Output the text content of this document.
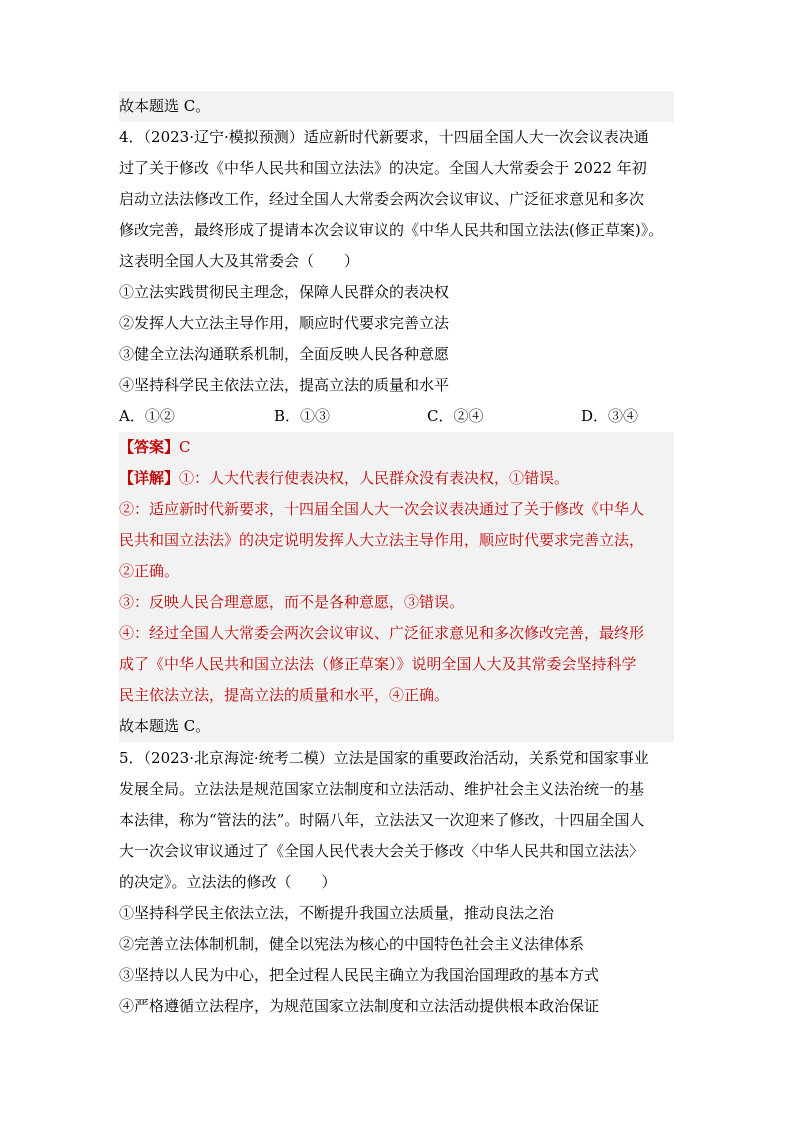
故本题选 C。
4．（2023·辽宁·模拟预测）适应新时代新要求，十四届全国人大一次会议表决通
过了关于修改《中华人民共和国立法法》的决定。全国人大常委会于 2022 年初
启动立法法修改工作，经过全国人大常委会两次会议审议、广泛征求意见和多次
修改完善，最终形成了提请本次会议审议的《中华人民共和国立法法(修正草案)》。
这表明全国人大及其常委会（　　）
①立法实践贯彻民主理念，保障人民群众的表决权
②发挥人大立法主导作用，顺应时代要求完善立法
③健全立法沟通联系机制，全面反映人民各种意愿
④坚持科学民主依法立法，提高立法的质量和水平
A．①②	B．①③	C．②④	D．③④
【答案】C
【详解】①：人大代表行使表决权，人民群众没有表决权，①错误。
②：适应新时代新要求，十四届全国人大一次会议表决通过了关于修改《中华人
民共和国立法法》的决定说明发挥人大立法主导作用，顺应时代要求完善立法，
②正确。
③：反映人民合理意愿，而不是各种意愿，③错误。
④：经过全国人大常委会两次会议审议、广泛征求意见和多次修改完善，最终形
成了《中华人民共和国立法法（修正草案）》说明全国人大及其常委会坚持科学
民主依法立法，提高立法的质量和水平，④正确。
故本题选 C。
5．（2023·北京海淀·统考二模）立法是国家的重要政治活动，关系党和国家事业
发展全局。立法法是规范国家立法制度和立法活动、维护社会主义法治统一的基
本法律，称为“管法的法”。时隔八年，立法法又一次迎来了修改，十四届全国人
大一次会议审议通过了《全国人民代表大会关于修改〈中华人民共和国立法法〉
的决定》。立法法的修改（　　）
①坚持科学民主依法立法，不断提升我国立法质量，推动良法之治
②完善立法体制机制，健全以宪法为核心的中国特色社会主义法律体系
③坚持以人民为中心，把全过程人民民主确立为我国治国理政的基本方式
④严格遵循立法程序，为规范国家立法制度和立法活动提供根本政治保证
